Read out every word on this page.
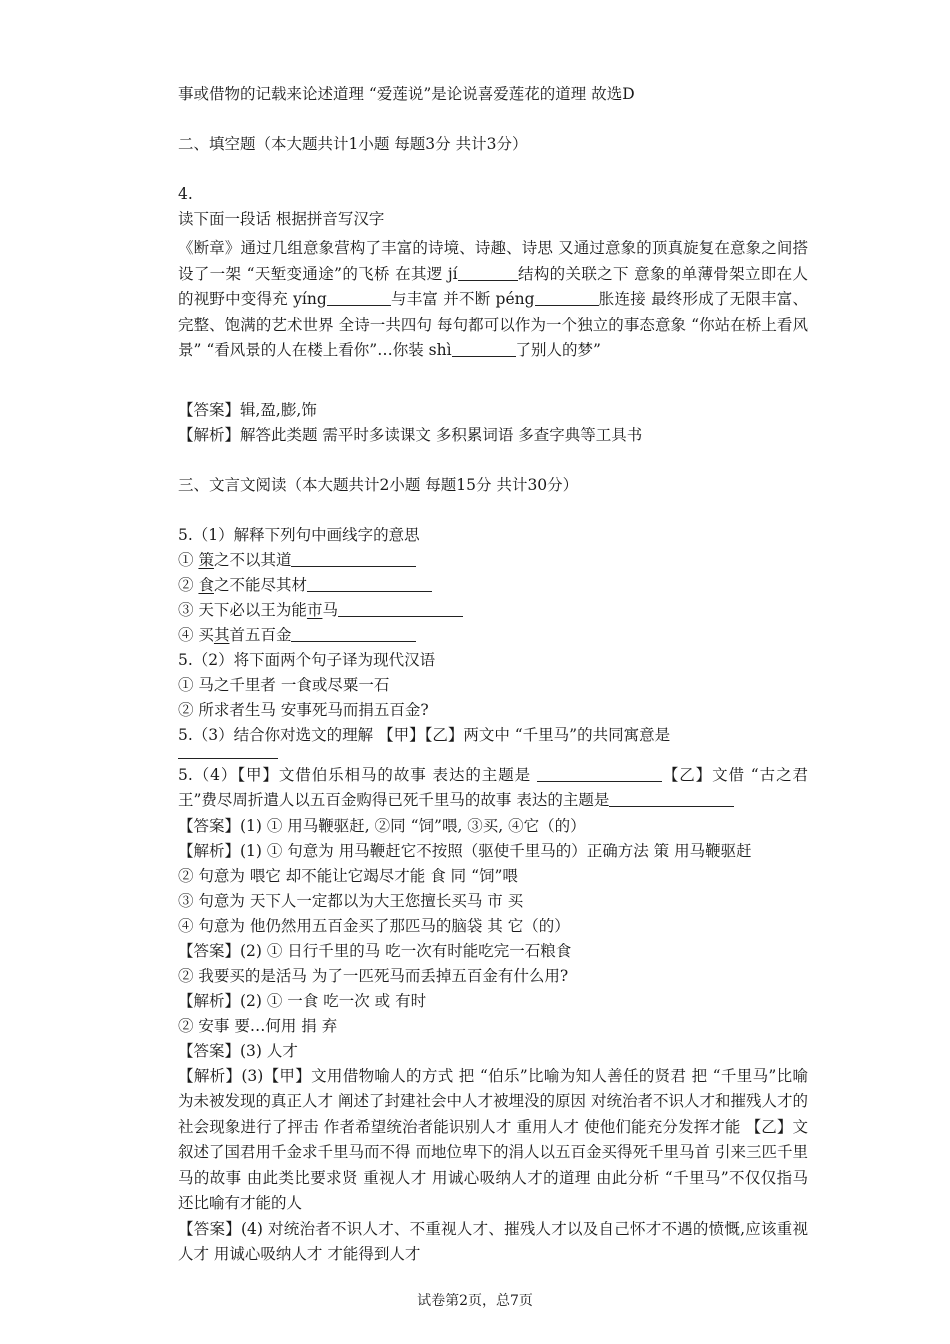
事或借物的记载来论述道理 “爱莲说”是论说喜爱莲花的道理 故选D
二、填空题（本大题共计1小题 每题3分 共计3分）
4.
读下面一段话 根据拼音写汉字
《断章》通过几组意象营构了丰富的诗境、诗趣、诗思 又通过意象的顶真旋复在意象之间搭设了一架 “天堑变通途”的飞桥 在其逻 jí	结构的关联之下 意象的单薄骨架立即在人的视野中变得充 yíng	与丰富 并不断 péng	胀连接 最终形成了无限丰富、完整、饱满的艺术世界 全诗一共四句 每句都可以作为一个独立的事态意象 “你站在桥上看风景” “看风景的人在楼上看你”…你装 shì	了别人的梦”
【答案】辑,盈,膨,饰
【解析】解答此类题 需平时多读课文 多积累词语 多查字典等工具书
三、文言文阅读（本大题共计2小题 每题15分 共计30分）
5.（1）解释下列句中画线字的意思
① 策之不以其道
② 食之不能尽其材
③ 天下必以王为能市马
④ 买其首五百金
5.（2）将下面两个句子译为现代汉语
① 马之千里者 一食或尽粟一石
② 所求者生马 安事死马而捐五百金?
5.（3）结合你对选文的理解 【甲】【乙】两文中 “千里马”的共同寓意是
5.（4）【甲】文借伯乐相马的故事 表达的主题是	【乙】文借 “古之君王”费尽周折遣人以五百金购得已死千里马的故事 表达的主题是
【答案】(1) ① 用马鞭驱赶, ②同 “饲”喂, ③买, ④它（的）
【解析】(1) ① 句意为 用马鞭赶它不按照（驱使千里马的）正确方法 策 用马鞭驱赶
② 句意为 喂它 却不能让它竭尽才能 食 同 “饲”喂
③ 句意为 天下人一定都以为大王您擅长买马 市 买
④ 句意为 他仍然用五百金买了那匹马的脑袋 其 它（的）
【答案】(2) ① 日行千里的马 吃一次有时能吃完一石粮食
② 我要买的是活马 为了一匹死马而丢掉五百金有什么用?
【解析】(2) ① 一食 吃一次 或 有时
② 安事 要…何用 捐 弃
【答案】(3) 人才
【解析】(3)【甲】文用借物喻人的方式 把 “伯乐”比喻为知人善任的贤君 把 “千里马”比喻为未被发现的真正人才 阐述了封建社会中人才被埋没的原因 对统治者不识人才和摧残人才的社会现象进行了抨击 作者希望统治者能识别人才 重用人才 使他们能充分发挥才能 【乙】文 叙述了国君用千金求千里马而不得 而地位卑下的涓人以五百金买得死千里马首 引来三匹千里马的故事 由此类比要求贤 重视人才 用诚心吸纳人才的道理 由此分析 “千里马”不仅仅指马 还比喻有才能的人
【答案】(4) 对统治者不识人才、不重视人才、摧残人才以及自己怀才不遇的愤慨,应该重视人才 用诚心吸纳人才 才能得到人才
试卷第2页，总7页
